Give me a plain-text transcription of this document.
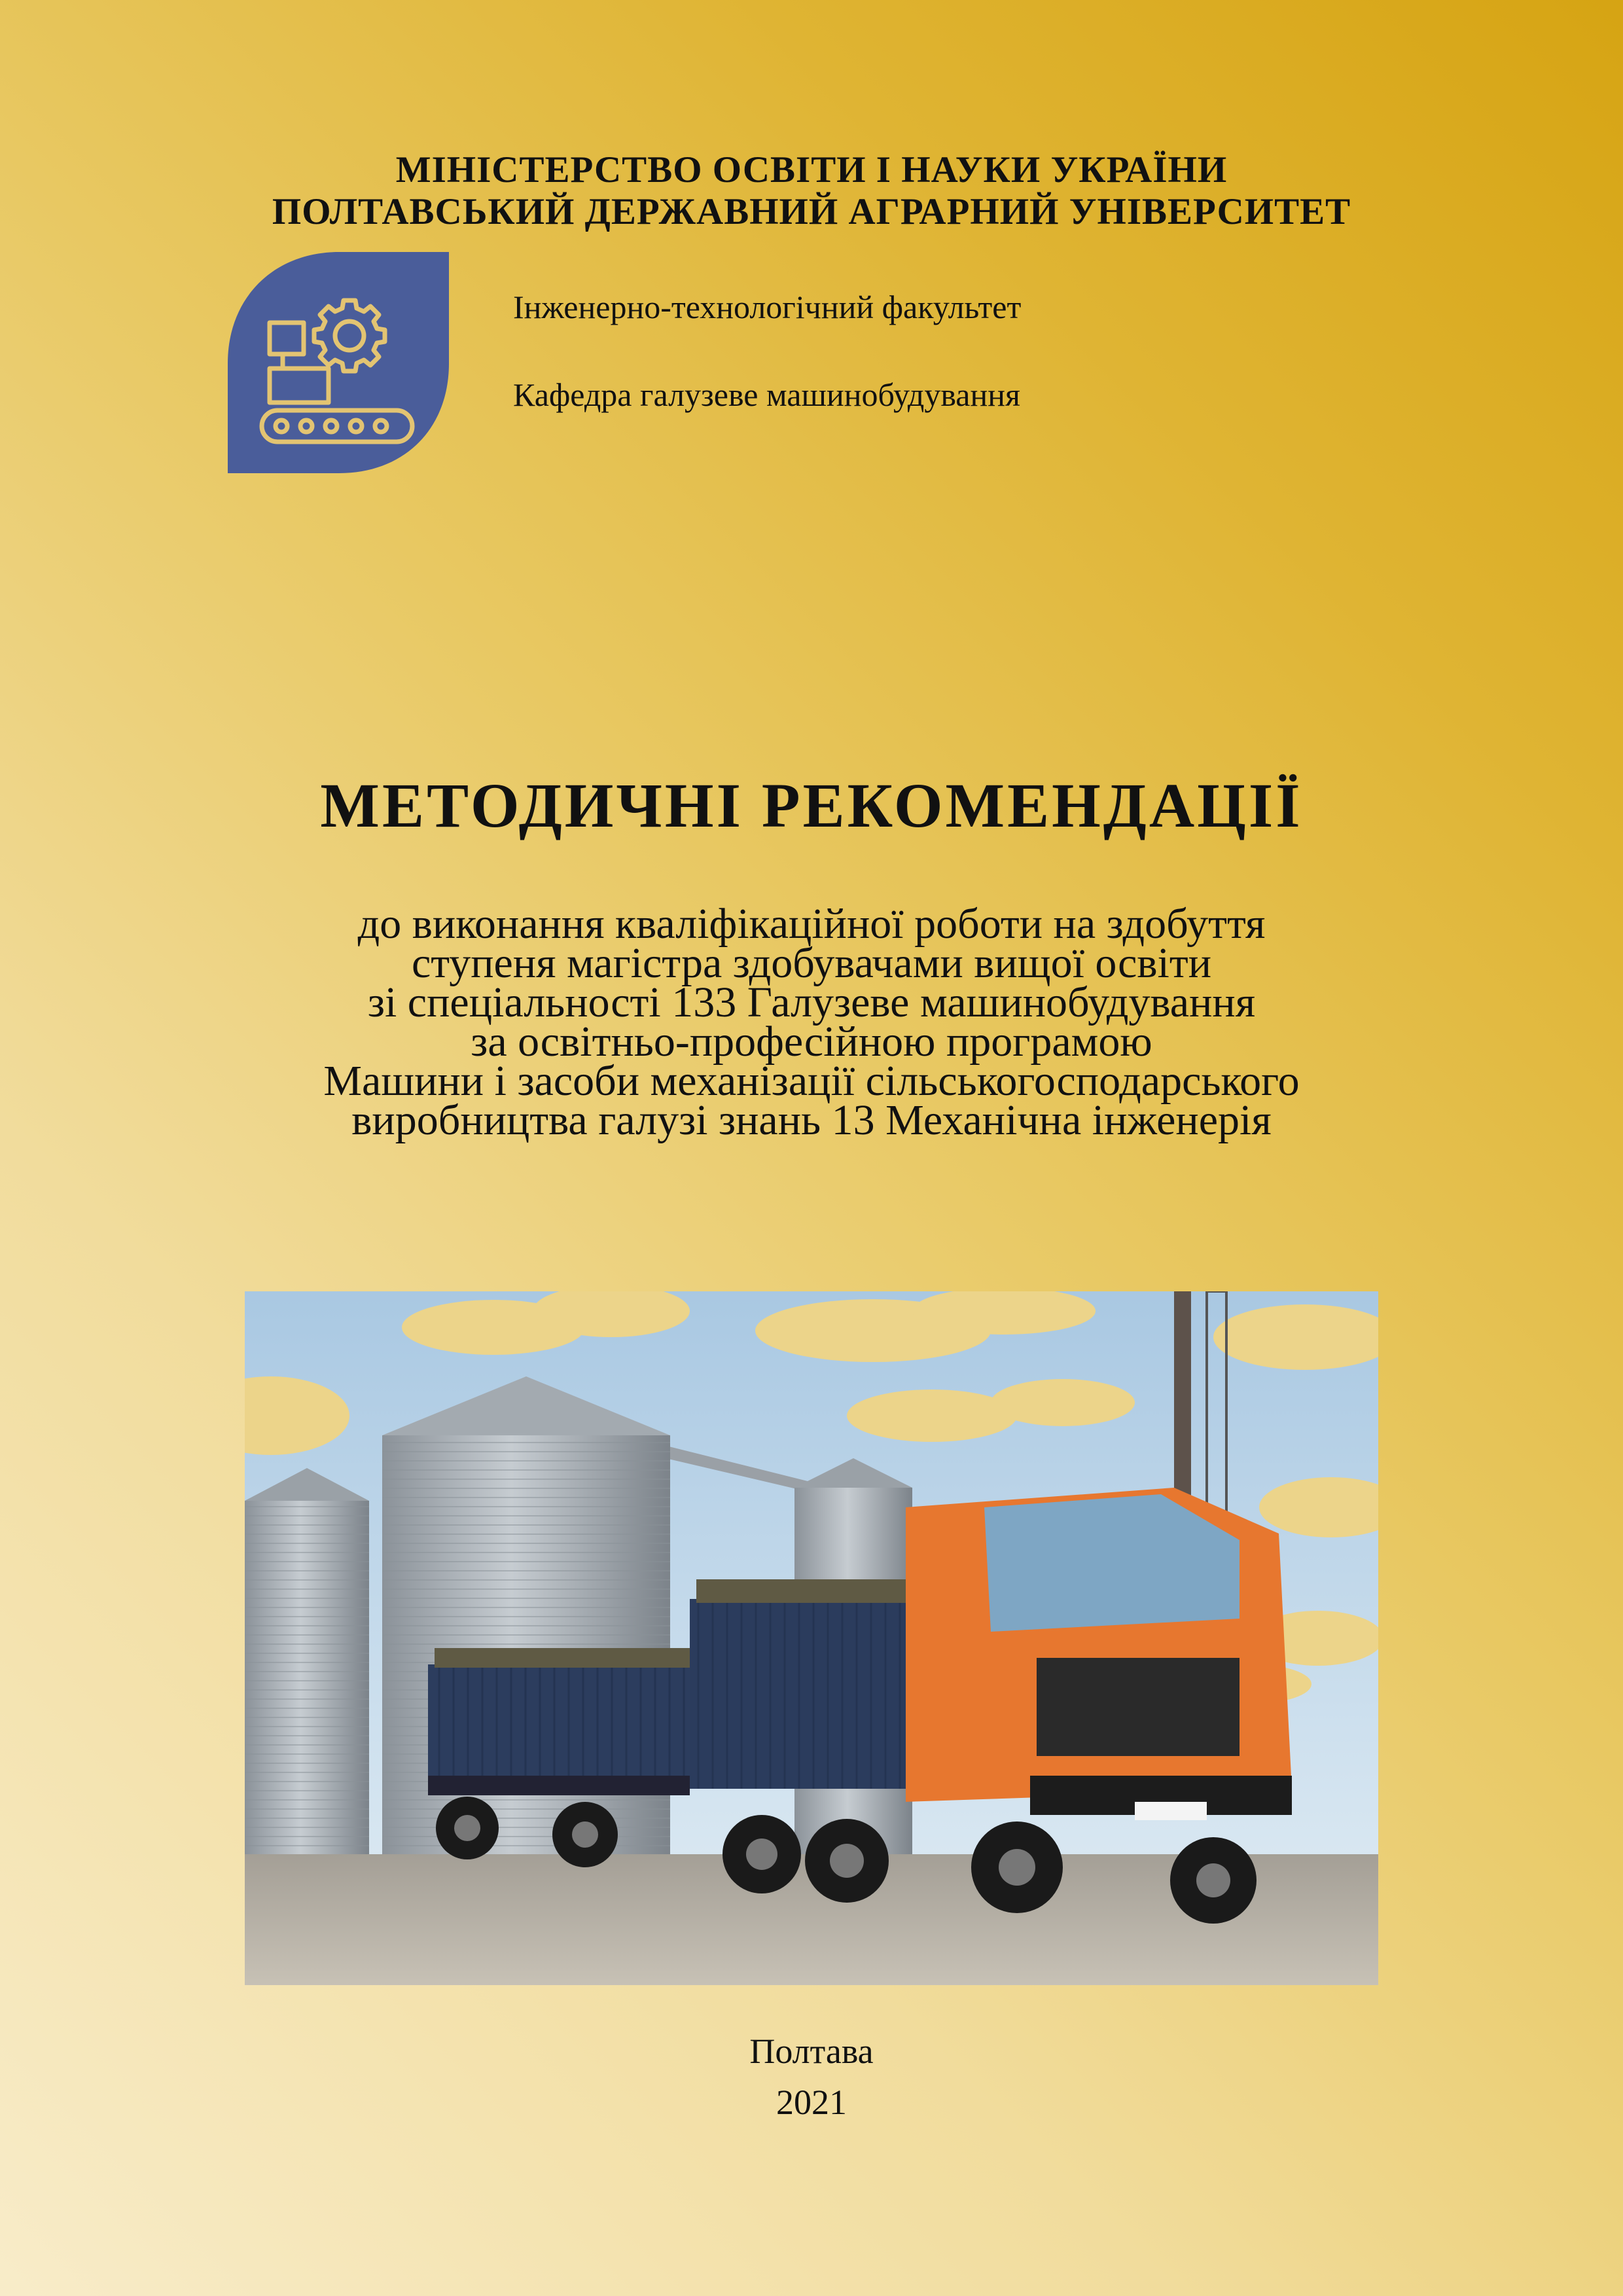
МІНІСТЕРСТВО ОСВІТИ І НАУКИ УКРАЇНИ
ПОЛТАВСЬКИЙ ДЕРЖАВНИЙ АГРАРНИЙ УНІВЕРСИТЕТ
Інженерно-технологічний факультет
Кафедра галузеве машинобудування
МЕТОДИЧНІ РЕКОМЕНДАЦІЇ
до виконання кваліфікаційної роботи на здобуття
ступеня магістра здобувачами вищої освіти
зі спеціальності 133 Галузеве машинобудування
за освітньо-професійною програмою
Машини і засоби механізації сільськогосподарського
виробництва галузі знань 13 Механічна інженерія
Полтава
2021
